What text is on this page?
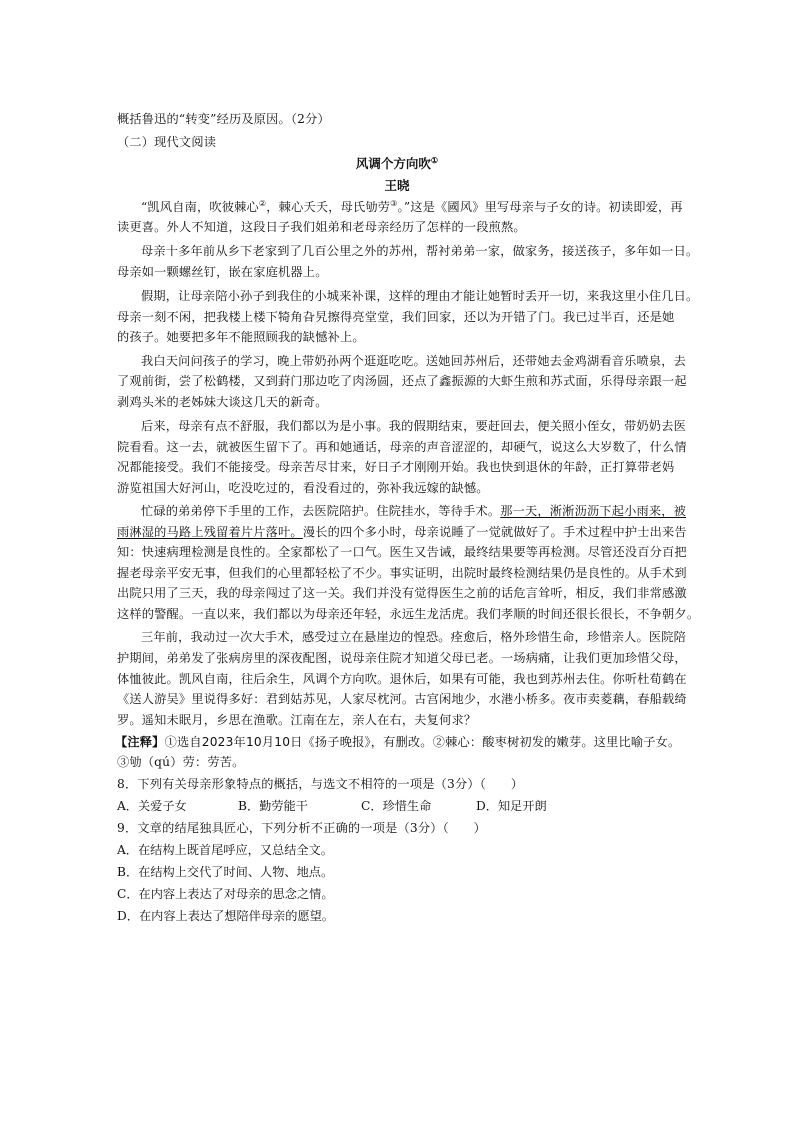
概括鲁迅的“转变”经历及原因。（2分）
（二）现代文阅读
风调个方向吹①
王晓
“凯风自南，吹彼棘心②，棘心夭夭，母氏劬劳③。”这是《國风》里写母亲与子女的诗。初读即爱，再
读更喜。外人不知道，这段日子我们姐弟和老母亲经历了怎样的一段煎熬。
母亲十多年前从乡下老家到了几百公里之外的苏州，帮衬弟弟一家，做家务，接送孩子，多年如一日。
母亲如一颗螺丝钉，嵌在家庭机器上。
假期，让母亲陪小孙子到我住的小城来补课，这样的理由才能让她暂时丢开一切，来我这里小住几日。
母亲一刻不闲，把我楼上楼下犄角旮旯擦得亮堂堂，我们回家，还以为开错了门。我已过半百，还是她
的孩子。她要把多年不能照顾我的缺憾补上。
我白天问问孩子的学习，晚上带奶孙两个逛逛吃吃。送她回苏州后，还带她去金鸡湖看音乐喷泉，去
了观前街，尝了松鹤楼，又到葑门那边吃了肉汤圆，还点了鑫振源的大虾生煎和苏式面，乐得母亲跟一起
剥鸡头米的老姊妹大谈这几天的新奇。
后来，母亲有点不舒服，我们都以为是小事。我的假期结束，要赶回去，便关照小侄女，带奶奶去医
院看看。这一去，就被医生留下了。再和她通话，母亲的声音涩涩的，却硬气，说这么大岁数了，什么情
况都能接受。我们不能接受。母亲苦尽甘来，好日子才刚刚开始。我也快到退休的年龄，正打算带老妈
游览祖国大好河山，吃没吃过的，看没看过的，弥补我远嫁的缺憾。
忙碌的弟弟停下手里的工作，去医院陪护。住院挂水，等待手术。那一天，淅淅沥沥下起小雨来，被
雨淋湿的马路上残留着片片落叶。漫长的四个多小时，母亲说睡了一觉就做好了。手术过程中护士出来告
知：快速病理检测是良性的。全家都松了一口气。医生又告诫，最终结果要等再检测。尽管还没百分百把
握老母亲平安无事，但我们的心里都轻松了不少。事实证明，出院时最终检测结果仍是良性的。从手术到
出院只用了三天，我的母亲闯过了这一关。我们并没有觉得医生之前的话危言耸听，相反，我们非常感激
这样的警醒。一直以来，我们都以为母亲还年轻，永远生龙活虎。我们孝顺的时间还很长很长，不争朝夕。
三年前，我动过一次大手术，感受过立在悬崖边的惶恐。痊愈后，格外珍惜生命，珍惜亲人。医院陪
护期间，弟弟发了张病房里的深夜配图，说母亲住院才知道父母已老。一场病痛，让我们更加珍惜父母，
体恤彼此。凯风自南，往后余生，风调个方向吹。退休后，如果有可能，我也到苏州去住。你听杜荀鹤在
《送人游吴》里说得多好：君到姑苏见，人家尽枕河。古宫闲地少，水港小桥多。夜市卖菱藕，春船载绮
罗。遥知未眠月，乡思在渔歌。江南在左，亲人在右，夫复何求？
【注释】①选自2023年10月10日《扬子晚报》，有删改。②棘心：酸枣树初发的嫩芽。这里比喻子女。
③劬（qú）劳：劳苦。
8．下列有关母亲形象特点的概括，与选文不相符的一项是（3分）（　　）
A．关爱子女	B．勤劳能干	C．珍惜生命	D．知足开朗
9．文章的结尾独具匠心，下列分析不正确的一项是（3分）（　　）
A．在结构上既首尾呼应，又总结全文。
B．在结构上交代了时间、人物、地点。
C．在内容上表达了对母亲的思念之情。
D．在内容上表达了想陪伴母亲的愿望。
